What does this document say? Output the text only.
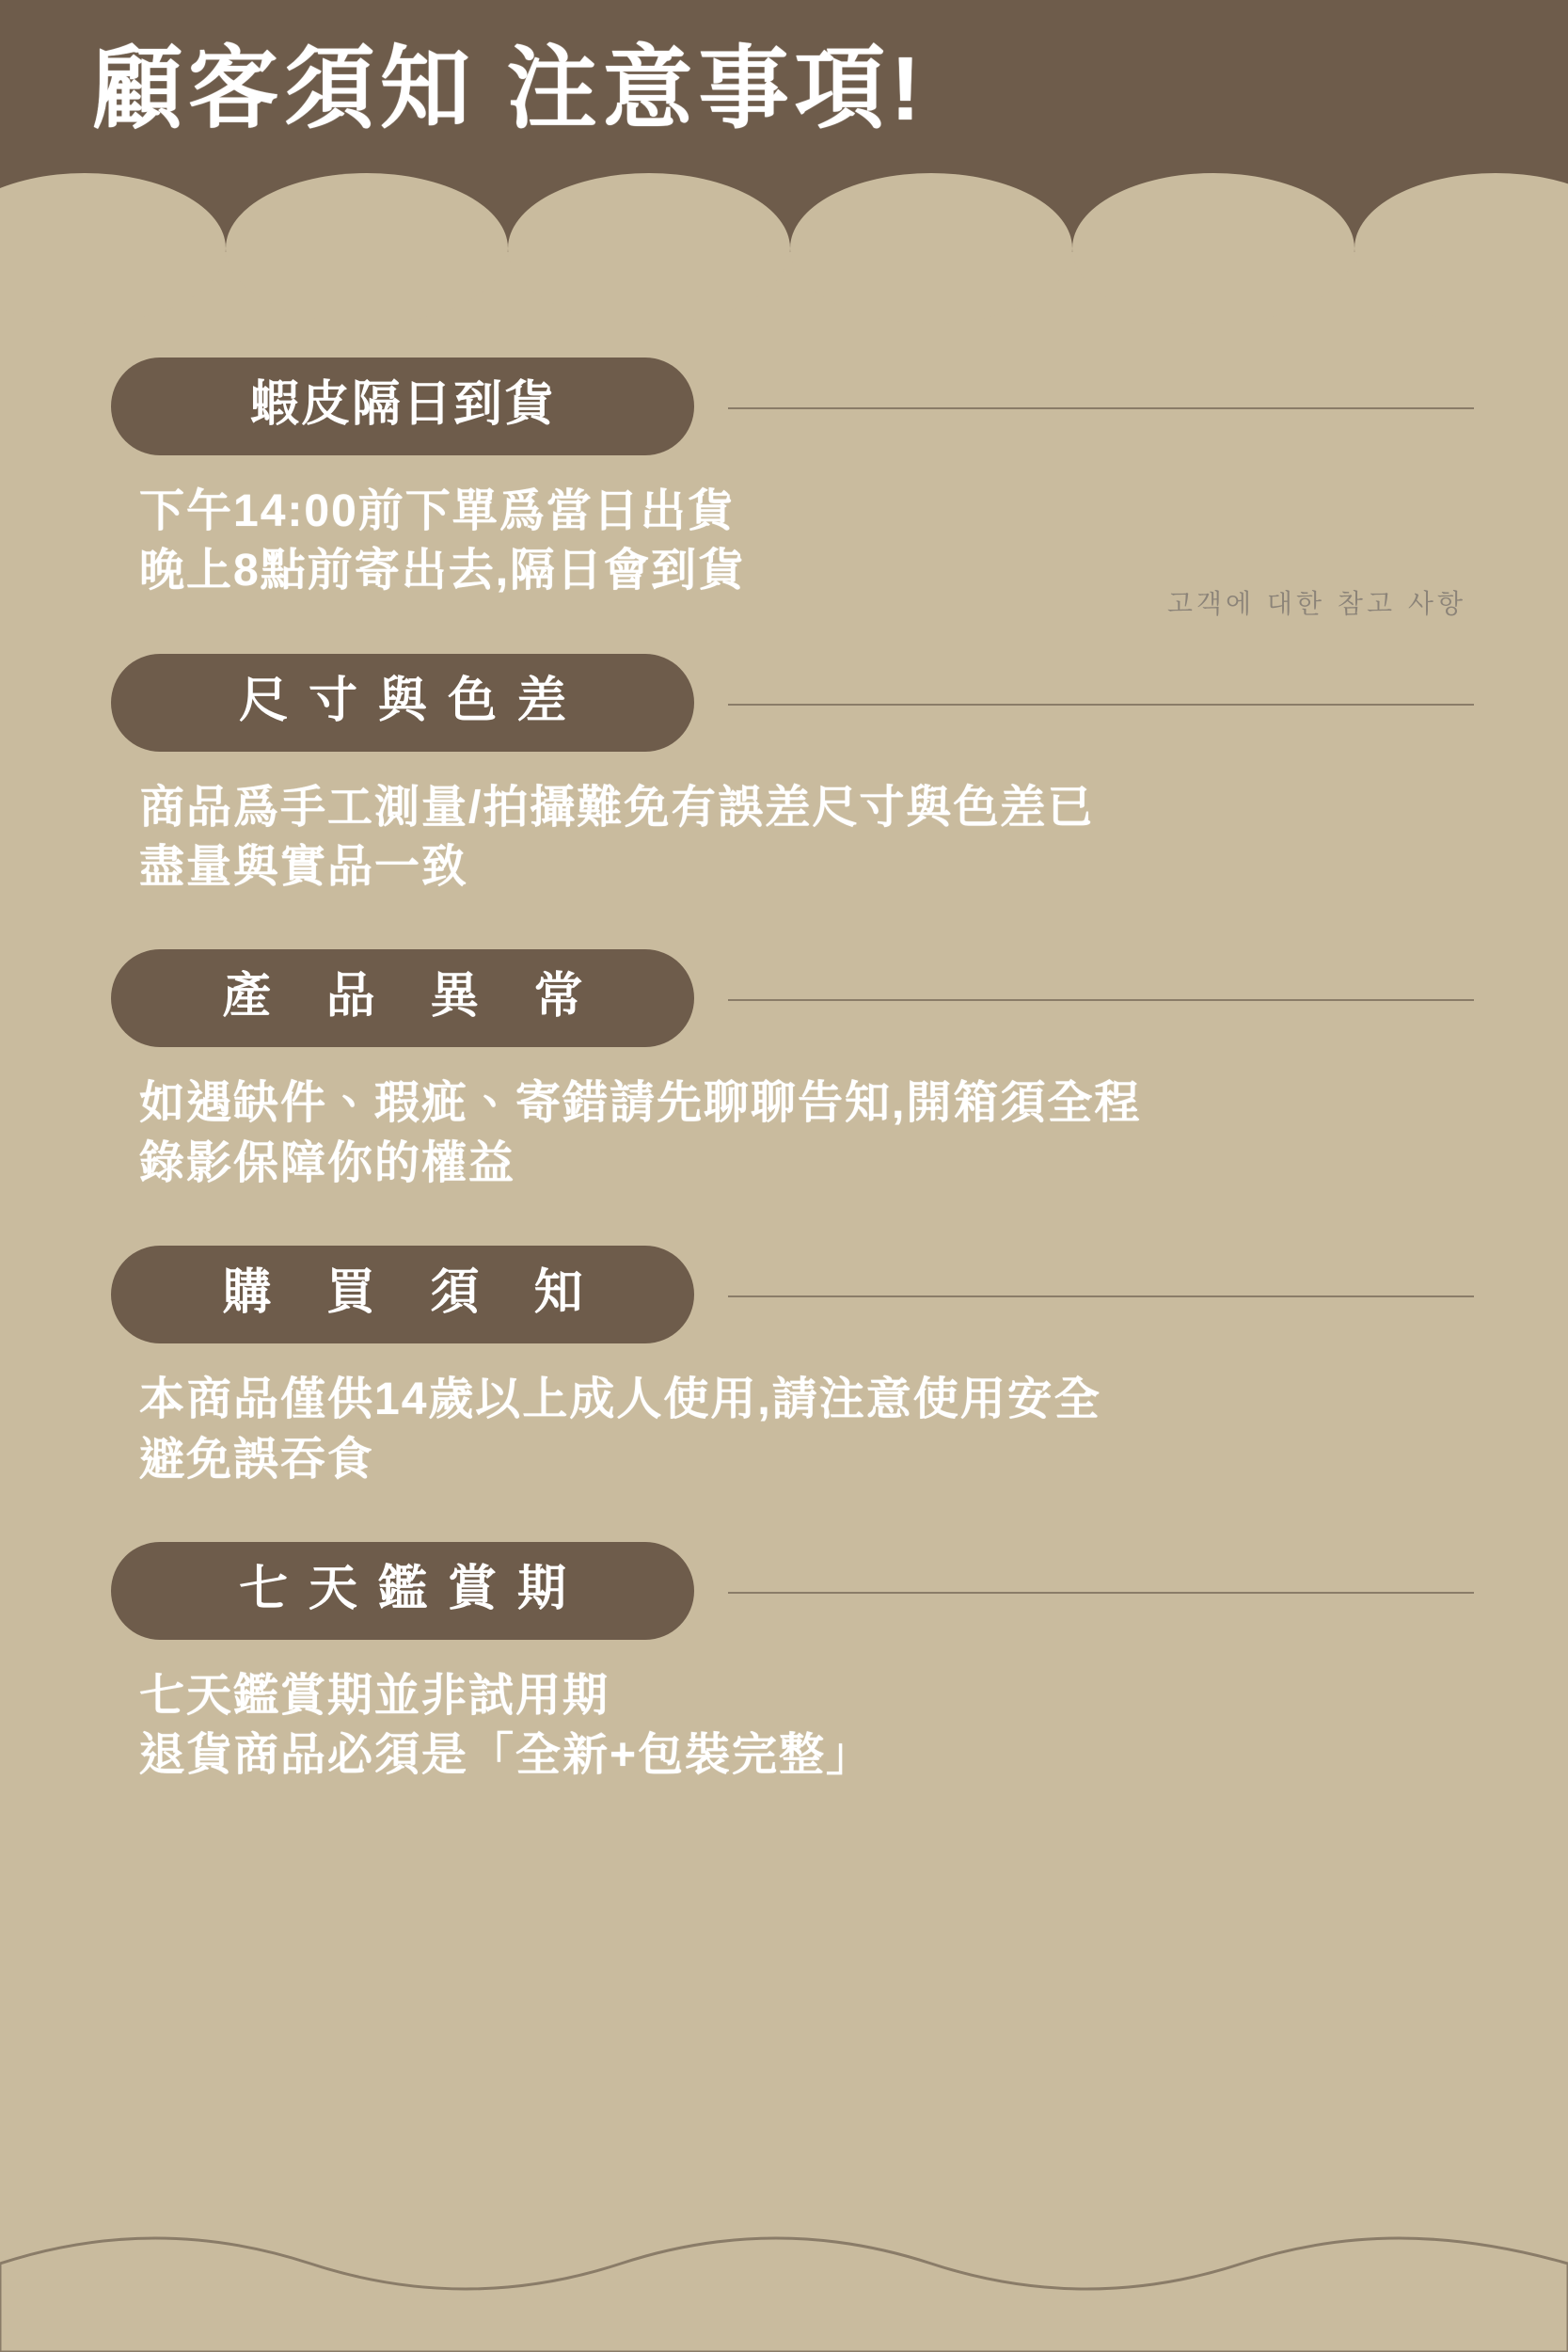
顧客須知 注意事項!
고객에 대한 참고 사항
蝦皮隔日到貨
下午14:00前下單爲當日出貨
晚上8點前寄出去,隔日會到貨
尺寸與色差
商品爲手工測量/拍攝難免有誤差尺寸與色差已
盡量與實品一致
產 品 異 常
如遇缺件、瑕疵、寄錯請先聊聊告知,開箱須全程
錄影保障你的權益
購 買 須 知
本商品僅供14歲以上成人使用,請注意使用安全
避免誤吞食
七天鑑賞期
七天鑑賞期並非試用期
退貨商品必須是「全新+包裝完整」
